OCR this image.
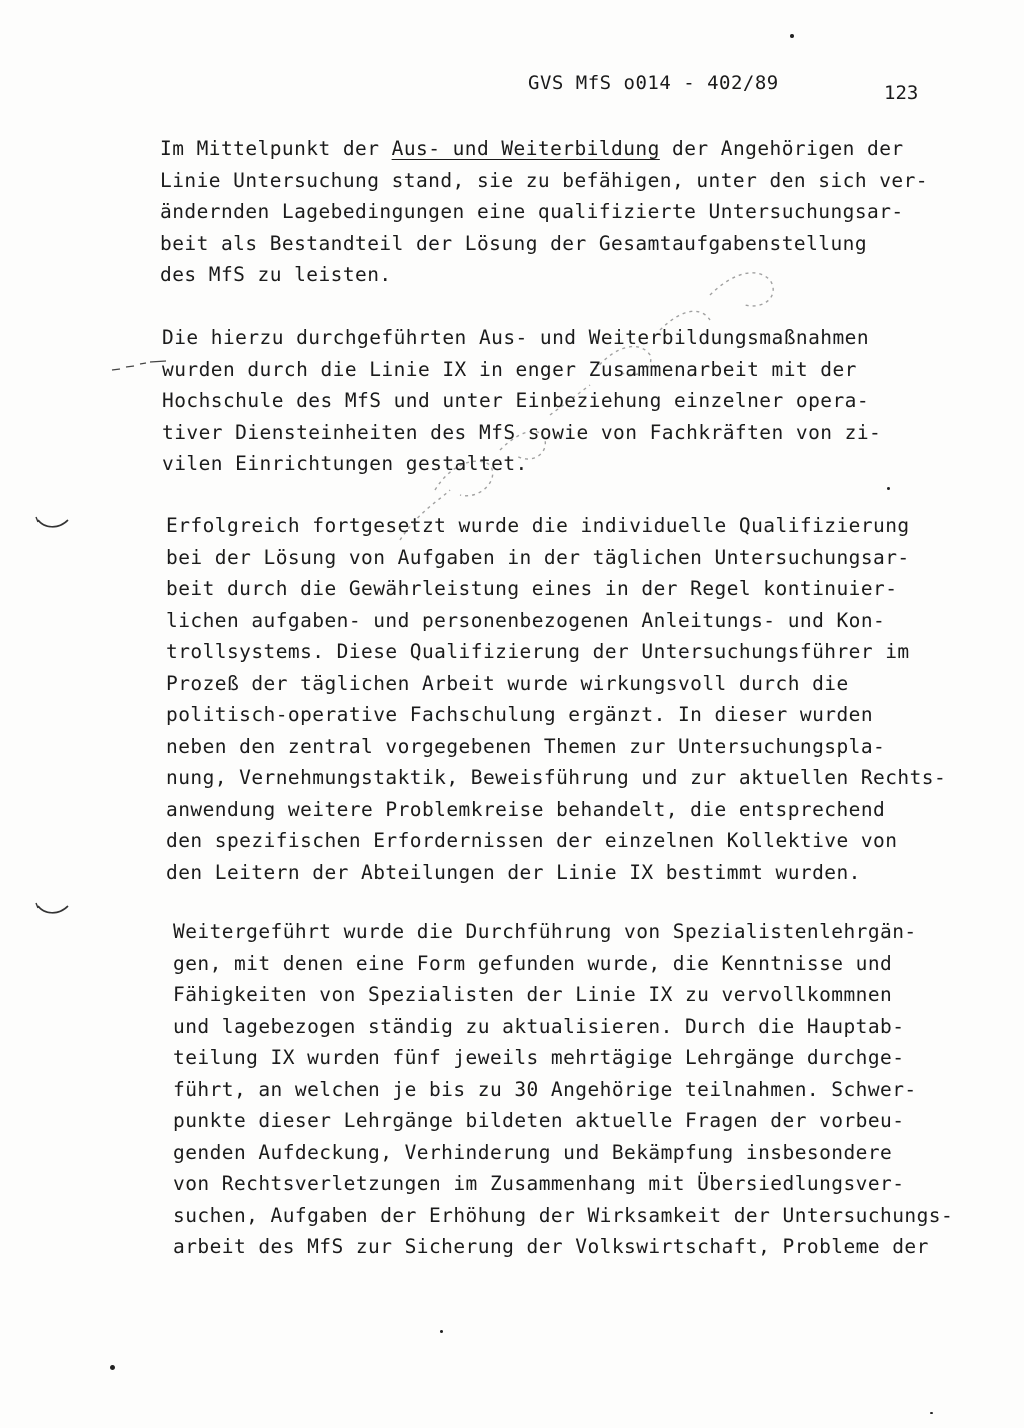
GVS MfS o014 - 402/89	123
Im Mittelpunkt der Aus- und Weiterbildung der Angehörigen der
Linie Untersuchung stand, sie zu befähigen, unter den sich ver-
ändernden Lagebedingungen eine qualifizierte Untersuchungsar-
beit als Bestandteil der Lösung der Gesamtaufgabenstellung
des MfS zu leisten.
Die hierzu durchgeführten Aus- und Weiterbildungsmaßnahmen
wurden durch die Linie IX in enger Zusammenarbeit mit der
Hochschule des MfS und unter Einbeziehung einzelner opera-
tiver Diensteinheiten des MfS sowie von Fachkräften von zi-
vilen Einrichtungen gestaltet.
Erfolgreich fortgesetzt wurde die individuelle Qualifizierung
bei der Lösung von Aufgaben in der täglichen Untersuchungsar-
beit durch die Gewährleistung eines in der Regel kontinuier-
lichen aufgaben- und personenbezogenen Anleitungs- und Kon-
trollsystems. Diese Qualifizierung der Untersuchungsführer im
Prozeß der täglichen Arbeit wurde wirkungsvoll durch die
politisch-operative Fachschulung ergänzt. In dieser wurden
neben den zentral vorgegebenen Themen zur Untersuchungspla-
nung, Vernehmungstaktik, Beweisführung und zur aktuellen Rechts-
anwendung weitere Problemkreise behandelt, die entsprechend
den spezifischen Erfordernissen der einzelnen Kollektive von
den Leitern der Abteilungen der Linie IX bestimmt wurden.
Weitergeführt wurde die Durchführung von Spezialistenlehrgän-
gen, mit denen eine Form gefunden wurde, die Kenntnisse und
Fähigkeiten von Spezialisten der Linie IX zu vervollkommnen
und lagebezogen ständig zu aktualisieren. Durch die Hauptab-
teilung IX wurden fünf jeweils mehrtägige Lehrgänge durchge-
führt, an welchen je bis zu 30 Angehörige teilnahmen. Schwer-
punkte dieser Lehrgänge bildeten aktuelle Fragen der vorbeu-
genden Aufdeckung, Verhinderung und Bekämpfung insbesondere
von Rechtsverletzungen im Zusammenhang mit Übersiedlungsver-
suchen, Aufgaben der Erhöhung der Wirksamkeit der Untersuchungs-
arbeit des MfS zur Sicherung der Volkswirtschaft, Probleme der
